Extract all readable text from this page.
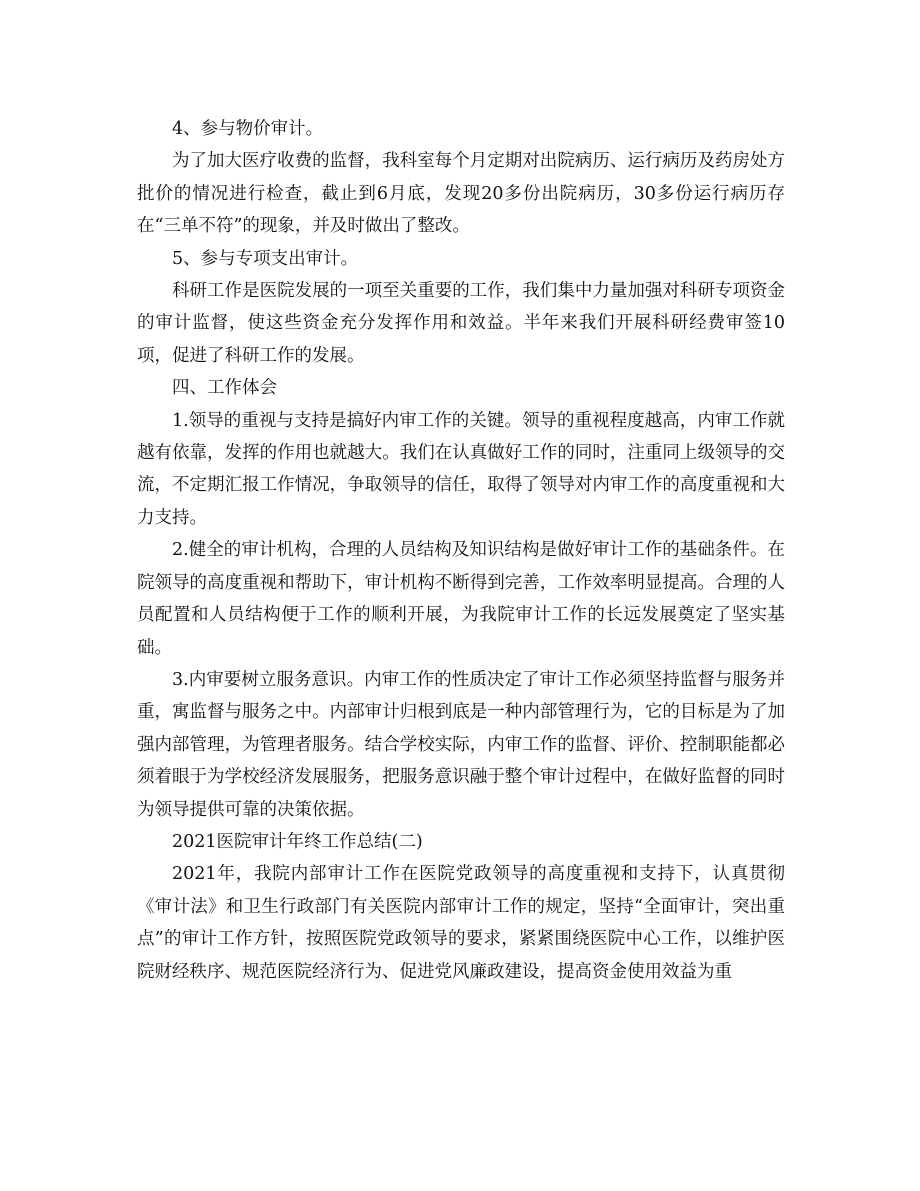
4、参与物价审计。

为了加大医疗收费的监督，我科室每个月定期对出院病历、运行病历及药房处方批价的情况进行检查，截止到6月底，发现20多份出院病历，30多份运行病历存在“三单不符”的现象，并及时做出了整改。

5、参与专项支出审计。

科研工作是医院发展的一项至关重要的工作，我们集中力量加强对科研专项资金的审计监督，使这些资金充分发挥作用和效益。半年来我们开展科研经费审签10项，促进了科研工作的发展。

四、工作体会

1.领导的重视与支持是搞好内审工作的关键。领导的重视程度越高，内审工作就越有依靠，发挥的作用也就越大。我们在认真做好工作的同时，注重同上级领导的交流，不定期汇报工作情况，争取领导的信任，取得了领导对内审工作的高度重视和大力支持。

2.健全的审计机构，合理的人员结构及知识结构是做好审计工作的基础条件。在院领导的高度重视和帮助下，审计机构不断得到完善，工作效率明显提高。合理的人员配置和人员结构便于工作的顺利开展，为我院审计工作的长远发展奠定了坚实基础。

3.内审要树立服务意识。内审工作的性质决定了审计工作必须坚持监督与服务并重，寓监督与服务之中。内部审计归根到底是一种内部管理行为，它的目标是为了加强内部管理，为管理者服务。结合学校实际，内审工作的监督、评价、控制职能都必须着眼于为学校经济发展服务，把服务意识融于整个审计过程中，在做好监督的同时为领导提供可靠的决策依据。

2021医院审计年终工作总结(二)

2021年，我院内部审计工作在医院党政领导的高度重视和支持下，认真贯彻《审计法》和卫生行政部门有关医院内部审计工作的规定，坚持“全面审计，突出重点”的审计工作方针，按照医院党政领导的要求，紧紧围绕医院中心工作，以维护医院财经秩序、规范医院经济行为、促进党风廉政建设，提高资金使用效益为重
